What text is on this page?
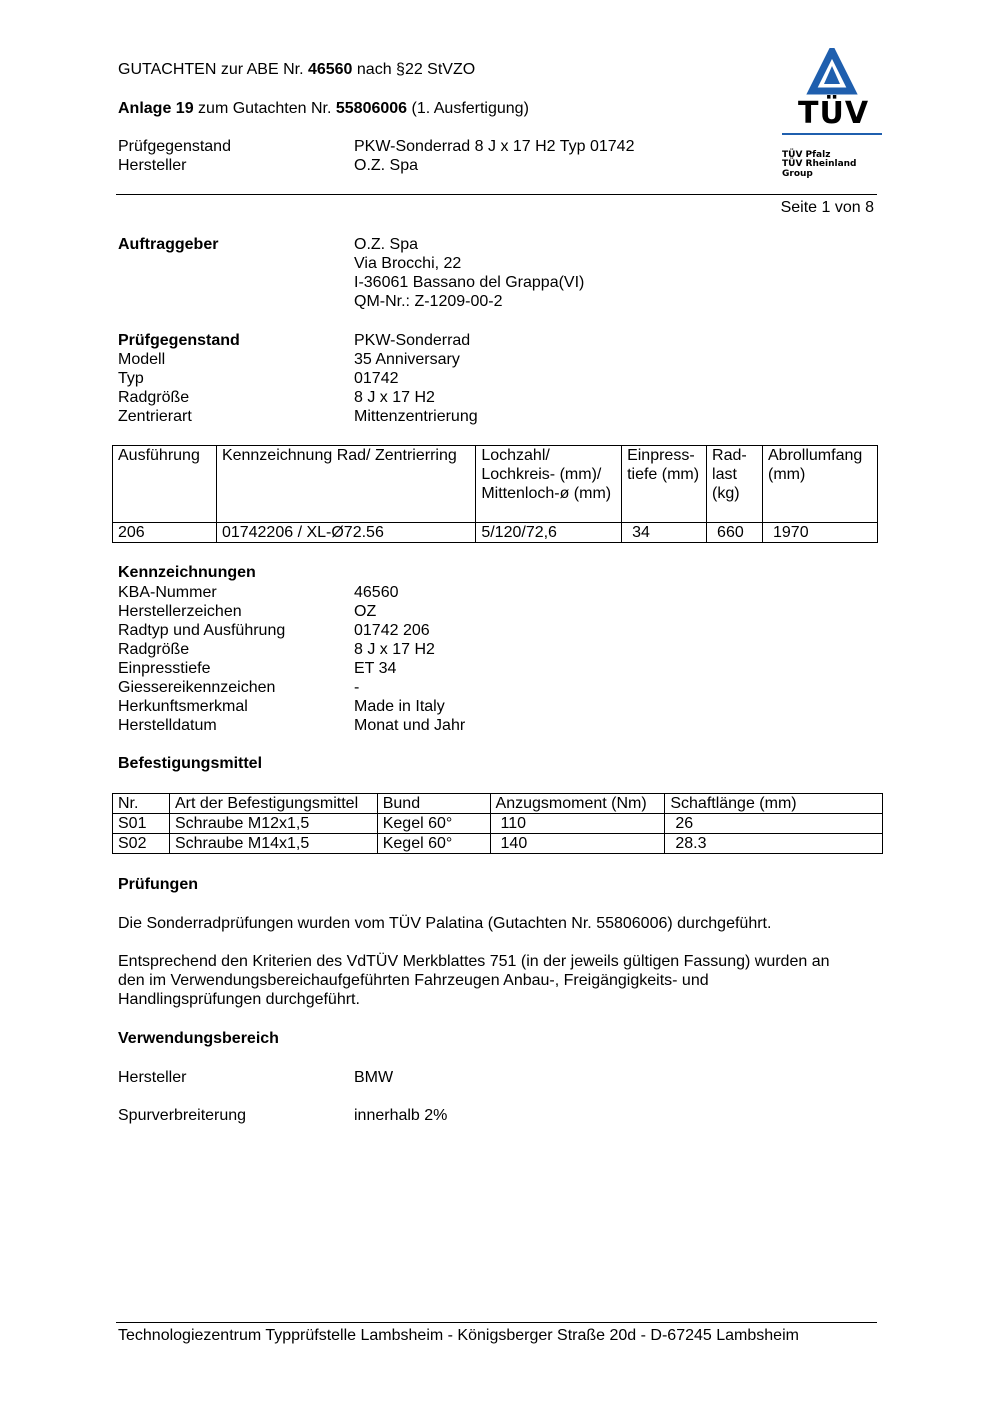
GUTACHTEN zur ABE Nr. 46560 nach §22 StVZO
Anlage 19 zum Gutachten Nr. 55806006 (1. Ausfertigung)
Prüfgegenstand	PKW-Sonderrad 8 J x 17 H2 Typ 01742
Hersteller	O.Z. Spa
TÜV
TÜV Pfalz
TÜV Rheinland Group
Seite 1 von 8
Auftraggeber	O.Z. Spa
Via Brocchi, 22
I-36061 Bassano del Grappa(VI)
QM-Nr.: Z-1209-00-2
Prüfgegenstand	PKW-Sonderrad
Modell	35 Anniversary
Typ	01742
Radgröße	8 J x 17 H2
Zentrierart	Mittenzentrierung
Ausführung	Kennzeichnung Rad/ Zentrierring	Lochzahl/ Lochkreis- (mm)/ Mittenloch-ø (mm)	Einpress- tiefe (mm)	Rad- last (kg)	Abrollumfang (mm)
206	01742206 / XL-Ø72.56	5/120/72,6	34	660	1970
Kennzeichnungen
KBA-Nummer	46560
Herstellerzeichen	OZ
Radtyp und Ausführung	01742 206
Radgröße	8 J x 17 H2
Einpresstiefe	ET 34
Giessereikennzeichen	-
Herkunftsmerkmal	Made in Italy
Herstelldatum	Monat und Jahr
Befestigungsmittel
Nr.	Art der Befestigungsmittel	Bund	Anzugsmoment (Nm)	Schaftlänge (mm)
S01	Schraube M12x1,5	Kegel 60°	110	26
S02	Schraube M14x1,5	Kegel 60°	140	28.3
Prüfungen
Die Sonderradprüfungen wurden vom TÜV Palatina (Gutachten Nr. 55806006) durchgeführt.
Entsprechend den Kriterien des VdTÜV Merkblattes 751 (in der jeweils gültigen Fassung) wurden an
den im Verwendungsbereichaufgeführten Fahrzeugen Anbau-, Freigängigkeits- und
Handlingsprüfungen durchgeführt.
Verwendungsbereich
Hersteller	BMW
Spurverbreiterung	innerhalb 2%
Technologiezentrum Typprüfstelle Lambsheim - Königsberger Straße 20d - D-67245 Lambsheim
